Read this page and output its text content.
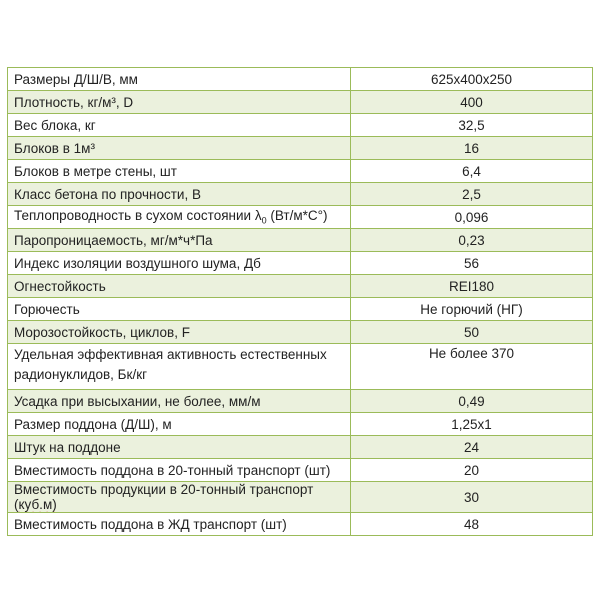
Размеры Д/Ш/В, мм	625x400x250
Плотность, кг/м³, D	400
Вес блока, кг	32,5
Блоков в 1м³	16
Блоков в метре стены, шт	6,4
Класс бетона по прочности, В	2,5
Теплопроводность в сухом состоянии $\lambda_0$ (Вт/м*С°)	0,096
Паропроницаемость, мг/м*ч*Па	0,23
Индекс изоляции воздушного шума, Дб	56
Огнестойкость	REI180
Горючесть	Не горючий (НГ)
Морозостойкость, циклов, F	50

Удельная эффективная активность естественных
радионуклидов, Бк/кг	Не более 370
Усадка при высыхании, не более, мм/м	0,49
Размер поддона (Д/Ш), м	1,25x1
Штук на поддоне	24
Вместимость поддона в 20-тонный транспорт (шт)	20
Вместимость продукции в 20-тонный транспорт (куб.м)	30
Вместимость поддона в ЖД транспорт (шт)	48
